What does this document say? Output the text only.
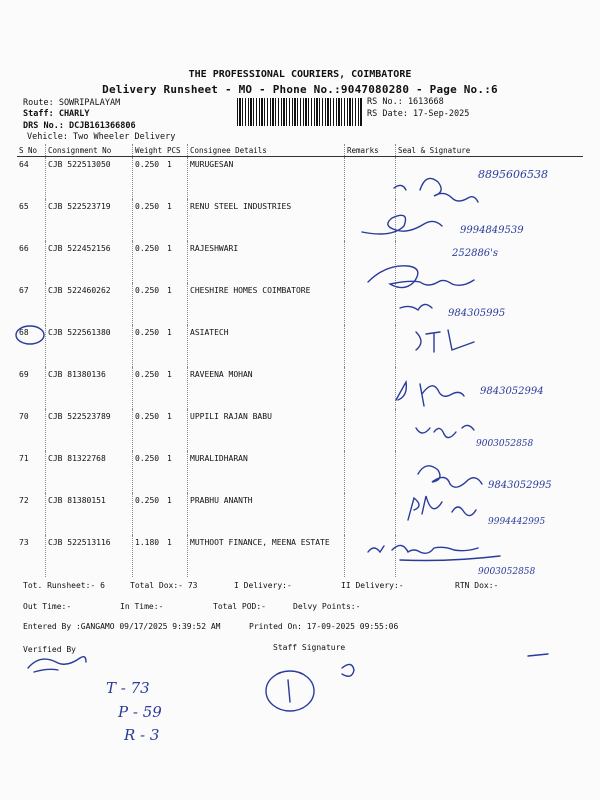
THE PROFESSIONAL COURIERS, COIMBATORE
Delivery Runsheet - MO - Phone No.:9047080280 - Page No.:6
Route: SOWRIPALAYAM
Staff: CHARLY
DRS No.: DCJB161366806
Vehicle: Two Wheeler Delivery
RS No.: 1613668
RS Date: 17-Sep-2025
S No	Consignment No	Weight	PCS	Consignee Details	Remarks	Seal & Signature
64	CJB 522513050	0.250	1	MURUGESAN		
65	CJB 522523719	0.250	1	RENU STEEL INDUSTRIES		
66	CJB 522452156	0.250	1	RAJESHWARI		
67	CJB 522460262	0.250	1	CHESHIRE HOMES COIMBATORE		
68	CJB 522561380	0.250	1	ASIATECH		
69	CJB 81380136	0.250	1	RAVEENA MOHAN		
70	CJB 522523789	0.250	1	UPPILI RAJAN BABU		
71	CJB 81322768	0.250	1	MURALIDHARAN		
72	CJB 81380151	0.250	1	PRABHU ANANTH		
73	CJB 522513116	1.180	1	MUTHOOT FINANCE, MEENA ESTATE		
Tot. Runsheet:- 6	Total Dox:- 73	I Delivery:-	II Delivery:-	RTN Dox:-
Out Time:-	In Time:-	Total POD:-	Delvy Points:-
Entered By :GANGAMO 09/17/2025 9:39:52 AM	Printed On: 17-09-2025 09:55:06
Verified By	Staff Signature
8895606538
9994849539
252886's
984305995
9843052994
9003052858
9843052995
9994442995
9003052858
T - 73
P - 59
R - 3
